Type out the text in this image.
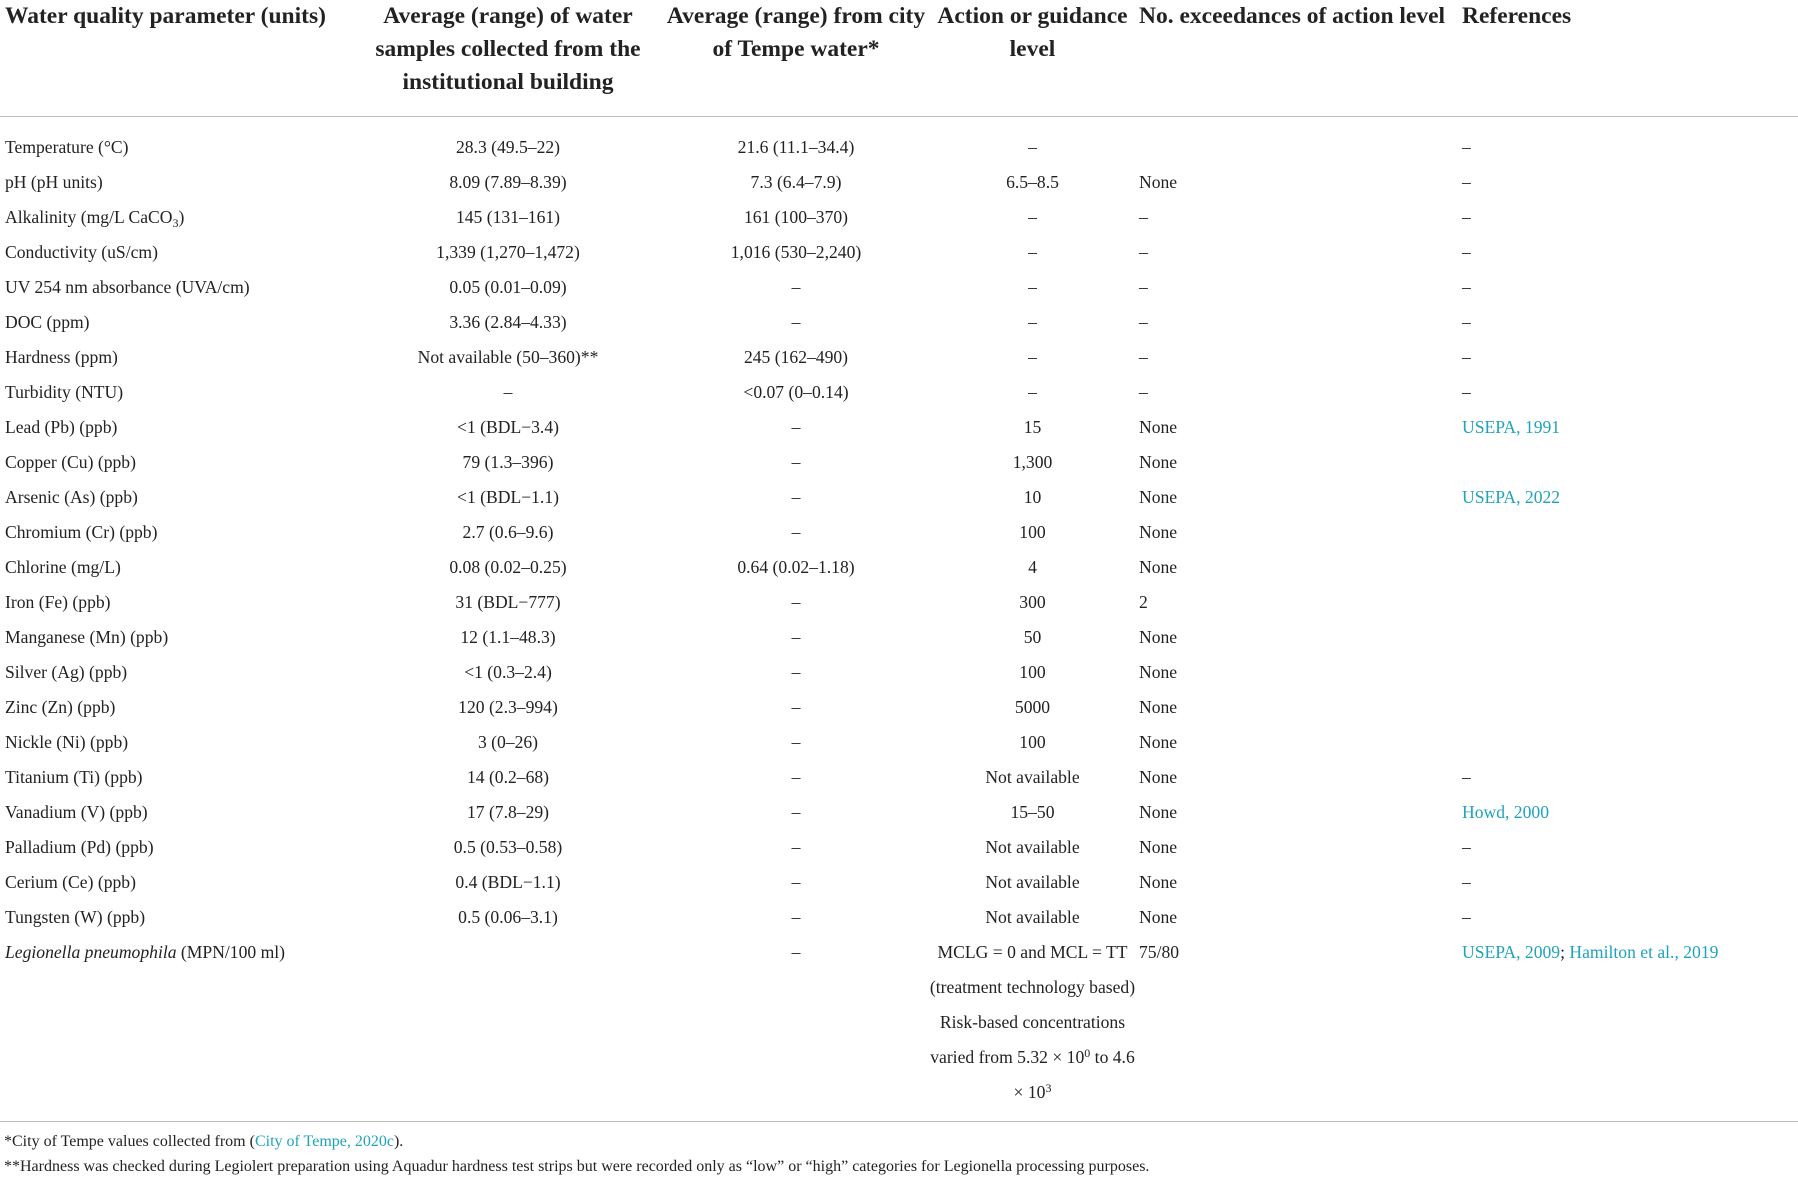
Water quality parameter (units)	Average (range) of water samples collected from the institutional building	Average (range) from city of Tempe water*	Action or guidance level	No. exceedances of action level	References
Temperature (°C)	28.3 (49.5–22)	21.6 (11.1–34.4)	–		–
pH (pH units)	8.09 (7.89–8.39)	7.3 (6.4–7.9)	6.5–8.5	None	–
Alkalinity (mg/L CaCO$_3$)	145 (131–161)	161 (100–370)	–	–	–
Conductivity (uS/cm)	1,339 (1,270–1,472)	1,016 (530–2,240)	–	–	–
UV 254 nm absorbance (UVA/cm)	0.05 (0.01–0.09)	–	–	–	–
DOC (ppm)	3.36 (2.84–4.33)	–	–	–	–
Hardness (ppm)	Not available (50–360)**	245 (162–490)	–	–	–
Turbidity (NTU)	–	<0.07 (0–0.14)	–	–	–
Lead (Pb) (ppb)	<1 (BDL−3.4)	–	15	None	USEPA, 1991
Copper (Cu) (ppb)	79 (1.3–396)	–	1,300	None	
Arsenic (As) (ppb)	<1 (BDL−1.1)	–	10	None	USEPA, 2022
Chromium (Cr) (ppb)	2.7 (0.6–9.6)	–	100	None	
Chlorine (mg/L)	0.08 (0.02–0.25)	0.64 (0.02–1.18)	4	None	
Iron (Fe) (ppb)	31 (BDL−777)	–	300	2	
Manganese (Mn) (ppb)	12 (1.1–48.3)	–	50	None	
Silver (Ag) (ppb)	<1 (0.3–2.4)	–	100	None	
Zinc (Zn) (ppb)	120 (2.3–994)	–	5000	None	
Nickle (Ni) (ppb)	3 (0–26)	–	100	None	
Titanium (Ti) (ppb)	14 (0.2–68)	–	Not available	None	–
Vanadium (V) (ppb)	17 (7.8–29)	–	15–50	None	Howd, 2000
Palladium (Pd) (ppb)	0.5 (0.53–0.58)	–	Not available	None	–
Cerium (Ce) (ppb)	0.4 (BDL−1.1)	–	Not available	None	–
Tungsten (W) (ppb)	0.5 (0.06–3.1)	–	Not available	None	–
Legionella pneumophila (MPN/100 ml)		–	MCLG = 0 and MCL = TT
(treatment technology based)
Risk-based concentrations
varied from $5.32 \times 10^0$ to 4.6
× $10^3$	75/80	USEPA, 2009; Hamilton et al., 2019
*City of Tempe values collected from (City of Tempe, 2020c).
**Hardness was checked during Legiolert preparation using Aquadur hardness test strips but were recorded only as “low” or “high” categories for Legionella processing purposes.
